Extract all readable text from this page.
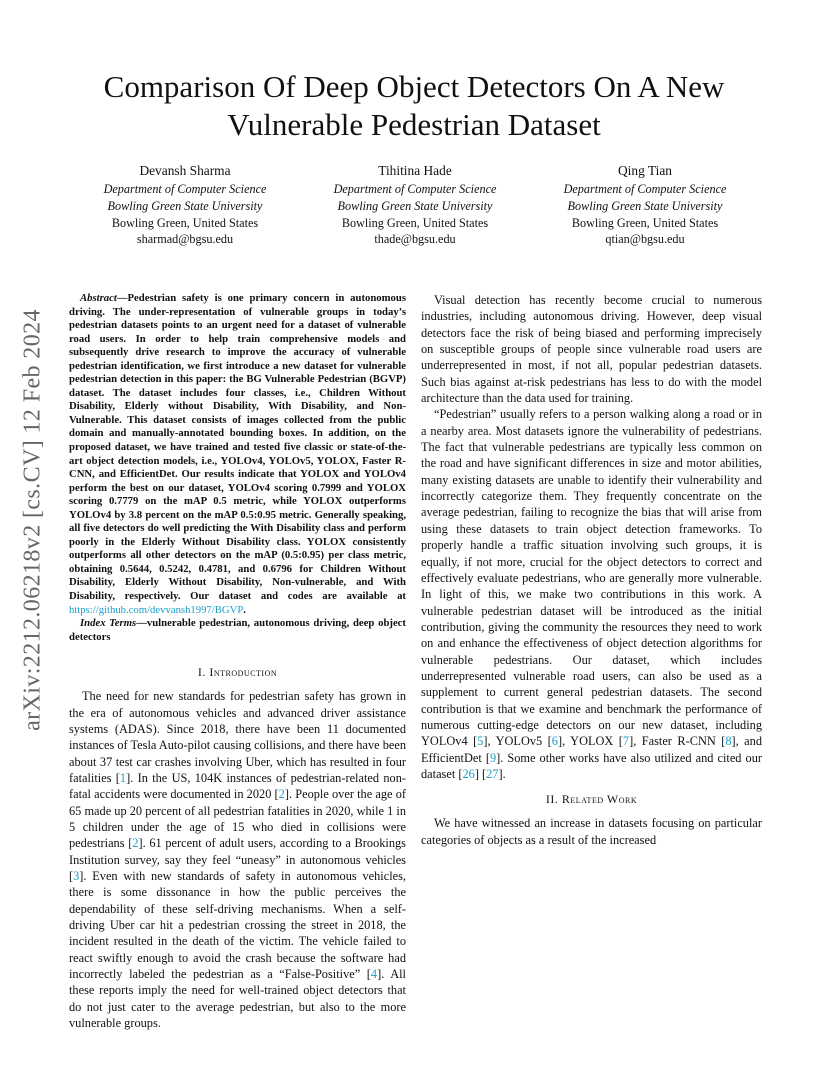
arXiv:2212.06218v2 [cs.CV] 12 Feb 2024
Comparison Of Deep Object Detectors On A New Vulnerable Pedestrian Dataset
Devansh Sharma
Department of Computer Science
Bowling Green State University
Bowling Green, United States
sharmad@bgsu.edu
Tihitina Hade
Department of Computer Science
Bowling Green State University
Bowling Green, United States
thade@bgsu.edu
Qing Tian
Department of Computer Science
Bowling Green State University
Bowling Green, United States
qtian@bgsu.edu

Abstract—Pedestrian safety is one primary concern in autonomous driving. The under-representation of vulnerable groups in today’s pedestrian datasets points to an urgent need for a dataset of vulnerable road users. In order to help train comprehensive models and subsequently drive research to improve the accuracy of vulnerable pedestrian identification, we first introduce a new dataset for vulnerable pedestrian detection in this paper: the BG Vulnerable Pedestrian (BGVP) dataset. The dataset includes four classes, i.e., Children Without Disability, Elderly without Disability, With Disability, and Non-Vulnerable. This dataset consists of images collected from the public domain and manually-annotated bounding boxes. In addition, on the proposed dataset, we have trained and tested five classic or state-of-the-art object detection models, i.e., YOLOv4, YOLOv5, YOLOX, Faster R-CNN, and EfficientDet. Our results indicate that YOLOX and YOLOv4 perform the best on our dataset, YOLOv4 scoring 0.7999 and YOLOX scoring 0.7779 on the mAP 0.5 metric, while YOLOX outperforms YOLOv4 by 3.8 percent on the mAP 0.5:0.95 metric. Generally speaking, all five detectors do well predicting the With Disability class and perform poorly in the Elderly Without Disability class. YOLOX consistently outperforms all other detectors on the mAP (0.5:0.95) per class metric, obtaining 0.5644, 0.5242, 0.4781, and 0.6796 for Children Without Disability, Elderly Without Disability, Non-vulnerable, and With Disability, respectively. Our dataset and codes are available at https://github.com/devvansh1997/BGVP.

Index Terms—vulnerable pedestrian, autonomous driving, deep object detectors

I. Introduction

The need for new standards for pedestrian safety has grown in the era of autonomous vehicles and advanced driver assistance systems (ADAS). Since 2018, there have been 11 documented instances of Tesla Auto-pilot causing collisions, and there have been about 37 test car crashes involving Uber, which has resulted in four fatalities [1]. In the US, 104K instances of pedestrian-related non-fatal accidents were documented in 2020 [2]. People over the age of 65 made up 20 percent of all pedestrian fatalities in 2020, while 1 in 5 children under the age of 15 who died in collisions were pedestrians [2]. 61 percent of adult users, according to a Brookings Institution survey, say they feel “uneasy” in autonomous vehicles [3]. Even with new standards of safety in autonomous vehicles, there is some dissonance in how the public perceives the dependability of these self-driving mechanisms. When a self-driving Uber car hit a pedestrian crossing the street in 2018, the incident resulted in the death of the victim. The vehicle failed to react swiftly enough to avoid the crash because the software had incorrectly labeled the pedestrian as a “False-Positive” [4]. All these reports imply the need for well-trained object detectors that do not just cater to the average pedestrian, but also to the more vulnerable groups.

Visual detection has recently become crucial to numerous industries, including autonomous driving. However, deep visual detectors face the risk of being biased and performing imprecisely on susceptible groups of people since vulnerable road users are underrepresented in most, if not all, popular pedestrian datasets. Such bias against at-risk pedestrians has less to do with the model architecture than the data used for training.

“Pedestrian” usually refers to a person walking along a road or in a nearby area. Most datasets ignore the vulnerability of pedestrians. The fact that vulnerable pedestrians are typically less common on the road and have significant differences in size and motor abilities, many existing datasets are unable to identify their vulnerability and incorrectly categorize them. They frequently concentrate on the average pedestrian, failing to recognize the bias that will arise from using these datasets to train object detection frameworks. To properly handle a traffic situation involving such groups, it is equally, if not more, crucial for the object detectors to correct and effectively evaluate pedestrians, who are generally more vulnerable. In light of this, we make two contributions in this work. A vulnerable pedestrian dataset will be introduced as the initial contribution, giving the community the resources they need to work on and enhance the effectiveness of object detection algorithms for vulnerable pedestrians. Our dataset, which includes underrepresented vulnerable road users, can also be used as a supplement to current general pedestrian datasets. The second contribution is that we examine and benchmark the performance of numerous cutting-edge detectors on our new dataset, including YOLOv4 [5], YOLOv5 [6], YOLOX [7], Faster R-CNN [8], and EfficientDet [9]. Some other works have also utilized and cited our dataset [26] [27].

II. Related Work

We have witnessed an increase in datasets focusing on particular categories of objects as a result of the increased
